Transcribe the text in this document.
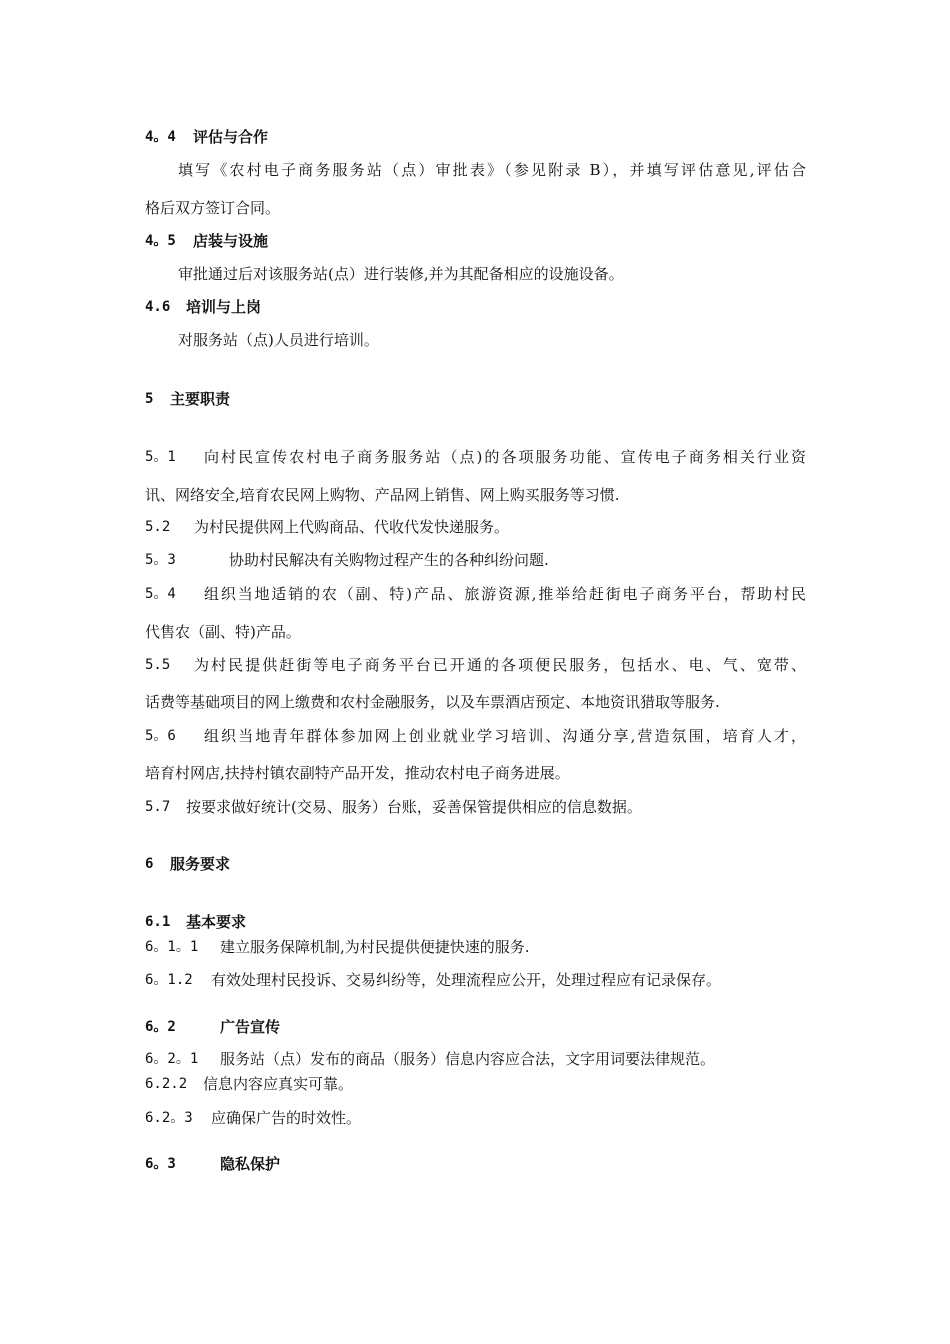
4。4 评估与合作
填写《农村电子商务服务站（点）审批表》（参见附录 B），并填写评估意见,评估合
格后双方签订合同。
4。5 店装与设施
审批通过后对该服务站(点）进行装修,并为其配备相应的设施设备。
4.6 培训与上岗
对服务站（点)人员进行培训。
5 主要职责
5。1 向村民宣传农村电子商务服务站（点)的各项服务功能、宣传电子商务相关行业资
讯、网络安全,培育农民网上购物、产品网上销售、网上购买服务等习惯.
5.2 为村民提供网上代购商品、代收代发快递服务。
5。3	协助村民解决有关购物过程产生的各种纠纷问题.
5。4 组织当地适销的农（副、特)产品、旅游资源,推举给赶街电子商务平台，帮助村民
代售农（副、特)产品。
5.5 为村民提供赶街等电子商务平台已开通的各项便民服务，包括水、电、气、宽带、
话费等基础项目的网上缴费和农村金融服务，以及车票酒店预定、本地资讯猎取等服务.
5。6 组织当地青年群体参加网上创业就业学习培训、沟通分享,营造氛围，培育人才，
培育村网店,扶持村镇农副特产品开发，推动农村电子商务进展。
5.7 按要求做好统计(交易、服务）台账，妥善保管提供相应的信息数据。
6 服务要求
6.1 基本要求
6。1。1 建立服务保障机制,为村民提供便捷快速的服务.
6。1.2 有效处理村民投诉、交易纠纷等，处理流程应公开，处理过程应有记录保存。
6。2	广告宣传
6。2。1 服务站（点）发布的商品（服务）信息内容应合法，文字用词要法律规范。
6.2.2 信息内容应真实可靠。
6.2。3 应确保广告的时效性。
6。3	隐私保护
